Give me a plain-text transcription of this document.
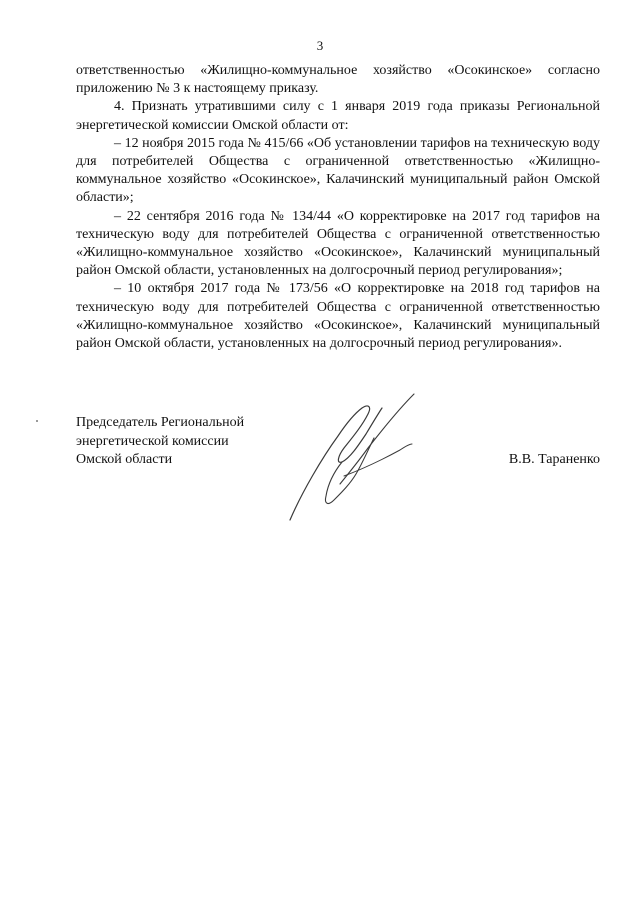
3

ответственностью «Жилищно-коммунальное хозяйство «Осокинское» согласно приложению № 3 к настоящему приказу.

4. Признать утратившими силу с 1 января 2019 года приказы Региональной энергетической комиссии Омской области от:

– 12 ноября 2015 года № 415/66 «Об установлении тарифов на техническую воду для потребителей Общества с ограниченной ответственностью «Жилищно-коммунальное хозяйство «Осокинское», Калачинский муниципальный район Омской области»;

– 22 сентября 2016 года № 134/44 «О корректировке на 2017 год тарифов на техническую воду для потребителей Общества с ограниченной ответственностью «Жилищно-коммунальное хозяйство «Осокинское», Калачинский муниципальный район Омской области, установленных на долгосрочный период регулирования»;

– 10 октября 2017 года № 173/56 «О корректировке на 2018 год тарифов на техническую воду для потребителей Общества с ограниченной ответственностью «Жилищно-коммунальное хозяйство «Осокинское», Калачинский муниципальный район Омской области, установленных на долгосрочный период регулирования».

Председатель Региональной
энергетической комиссии
Омской области	В.В. Тараненко
